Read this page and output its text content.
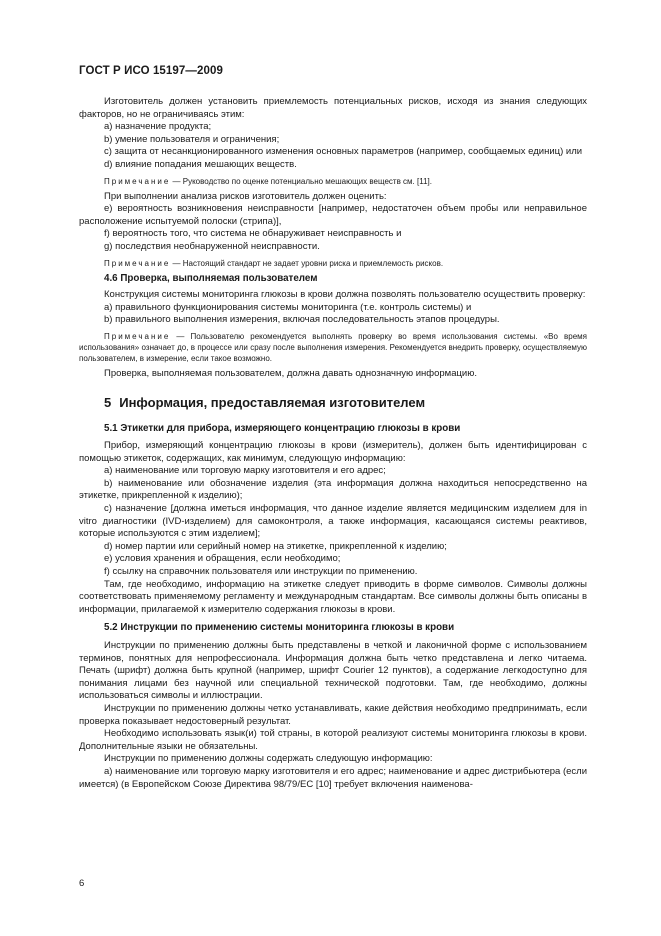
ГОСТ Р ИСО 15197—2009

Изготовитель должен установить приемлемость потенциальных рисков, исходя из знания следующих факторов, но не ограничиваясь этим:

a) назначение продукта;

b) умение пользователя и ограничения;

c) защита от несанкционированного изменения основных параметров (например, сообщаемых единиц) или

d) влияние попадания мешающих веществ.

Примечание — Руководство по оценке потенциально мешающих веществ см. [11].

При выполнении анализа рисков изготовитель должен оценить:

e) вероятность возникновения неисправности [например, недостаточен объем пробы или неправильное расположение испытуемой полоски (стрипа)],

f) вероятность того, что система не обнаруживает неисправность и

g) последствия необнаруженной неисправности.

Примечание — Настоящий стандарт не задает уровни риска и приемлемость рисков.

4.6 Проверка, выполняемая пользователем

Конструкция системы мониторинга глюкозы в крови должна позволять пользователю осуществить проверку:

a) правильного функционирования системы мониторинга (т.е. контроль системы) и

b) правильного выполнения измерения, включая последовательность этапов процедуры.

Примечание — Пользователю рекомендуется выполнять проверку во время использования системы. «Во время использования» означает до, в процессе или сразу после выполнения измерения. Рекомендуется внедрить проверку, осуществляемую пользователем, в измерение, если такое возможно.

Проверка, выполняемая пользователем, должна давать однозначную информацию.

5 Информация, предоставляемая изготовителем

5.1 Этикетки для прибора, измеряющего концентрацию глюкозы в крови

Прибор, измеряющий концентрацию глюкозы в крови (измеритель), должен быть идентифицирован с помощью этикеток, содержащих, как минимум, следующую информацию:

a) наименование или торговую марку изготовителя и его адрес;

b) наименование или обозначение изделия (эта информация должна находиться непосредственно на этикетке, прикрепленной к изделию);

c) назначение [должна иметься информация, что данное изделие является медицинским изделием для in vitro диагностики (IVD-изделием) для самоконтроля, а также информация, касающаяся системы реактивов, которые используются с этим изделием];

d) номер партии или серийный номер на этикетке, прикрепленной к изделию;

e) условия хранения и обращения, если необходимо;

f) ссылку на справочник пользователя или инструкции по применению.

Там, где необходимо, информацию на этикетке следует приводить в форме символов. Символы должны соответствовать применяемому регламенту и международным стандартам. Все символы должны быть описаны в информации, прилагаемой к измерителю содержания глюкозы в крови.

5.2 Инструкции по применению системы мониторинга глюкозы в крови

Инструкции по применению должны быть представлены в четкой и лаконичной форме с использованием терминов, понятных для непрофессионала. Информация должна быть четко представлена и легко читаема. Печать (шрифт) должна быть крупной (например, шрифт Courier 12 пунктов), а содержание легкодоступно для понимания лицами без научной или специальной технической подготовки. Там, где необходимо, должны использоваться символы и иллюстрации.

Инструкции по применению должны четко устанавливать, какие действия необходимо предпринимать, если проверка показывает недостоверный результат.

Необходимо использовать язык(и) той страны, в которой реализуют системы мониторинга глюкозы в крови. Дополнительные языки не обязательны.

Инструкции по применению должны содержать следующую информацию:

a) наименование или торговую марку изготовителя и его адрес; наименование и адрес дистрибьютера (если имеется) (в Европейском Союзе Директива 98/79/EC [10] требует включения наименова-

6
